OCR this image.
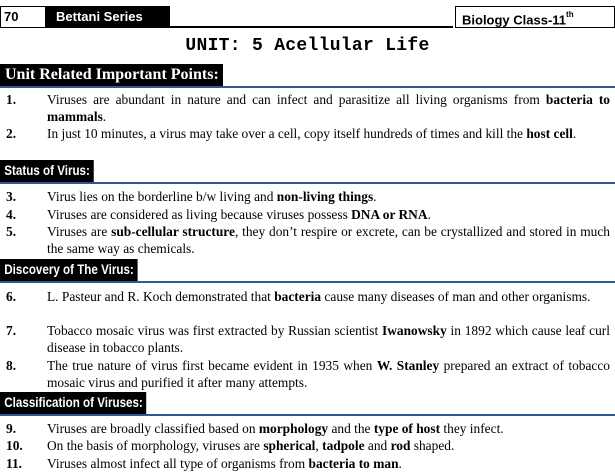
70	Bettani Series	Biology Class-11th
UNIT: 5 Acellular Life
Unit Related Important Points:
1. Viruses are abundant in nature and can infect and parasitize all living organisms from bacteria to mammals.
2. In just 10 minutes, a virus may take over a cell, copy itself hundreds of times and kill the host cell.
Status of Virus:
3. Virus lies on the borderline b/w living and non-living things.
4. Viruses are considered as living because viruses possess DNA or RNA.
5. Viruses are sub-cellular structure, they don’t respire or excrete, can be crystallized and stored in much the same way as chemicals.
Discovery of The Virus:
6. L. Pasteur and R. Koch demonstrated that bacteria cause many diseases of man and other organisms.
7. Tobacco mosaic virus was first extracted by Russian scientist Iwanowsky in 1892 which cause leaf curl disease in tobacco plants.
8. The true nature of virus first became evident in 1935 when W. Stanley prepared an extract of tobacco mosaic virus and purified it after many attempts.
Classification of Viruses:
9. Viruses are broadly classified based on morphology and the type of host they infect.
10. On the basis of morphology, viruses are spherical, tadpole and rod shaped.
11. Viruses almost infect all type of organisms from bacteria to man.
